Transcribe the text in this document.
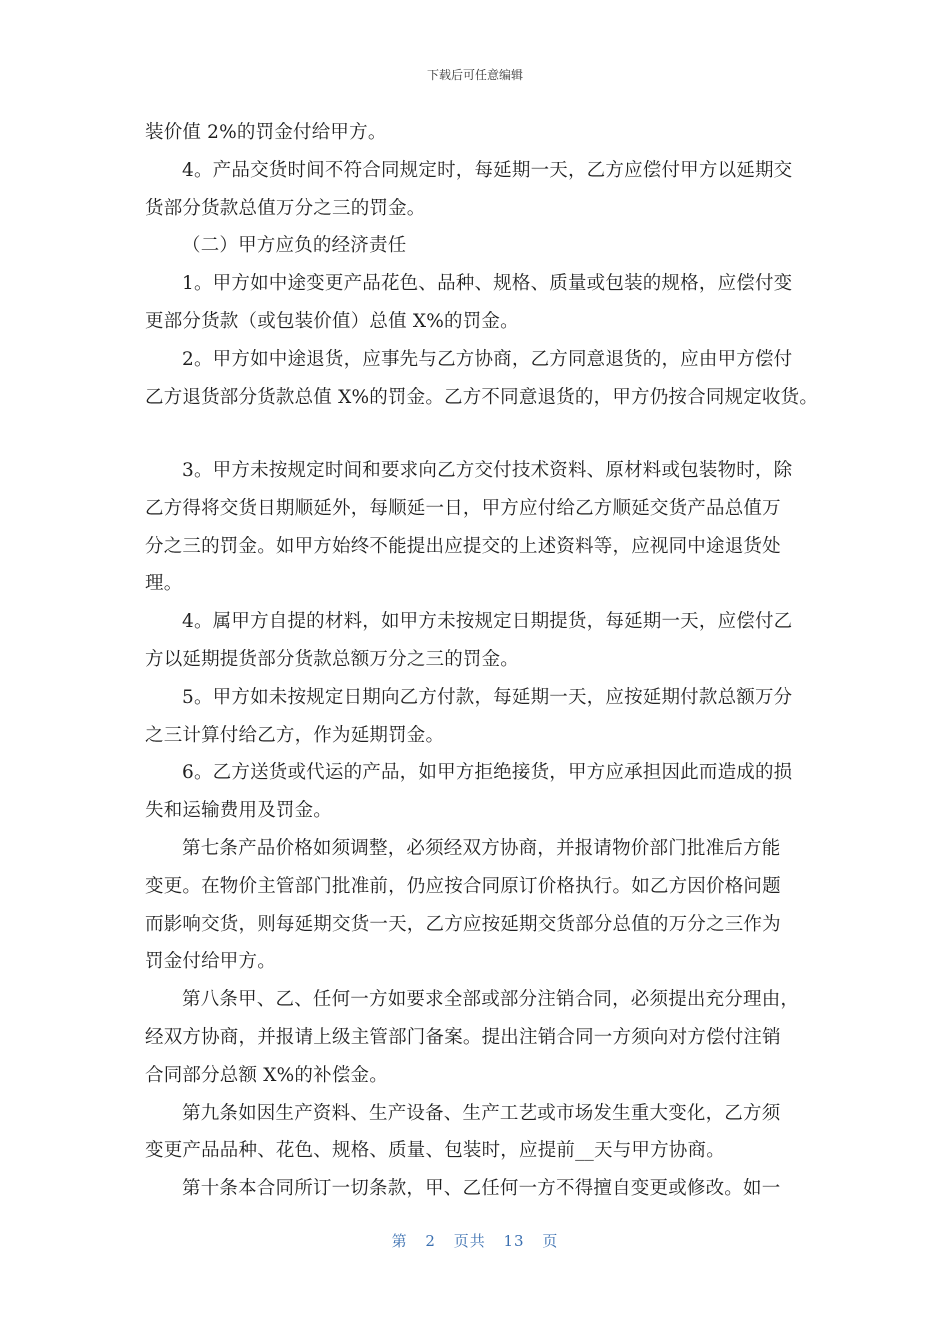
下载后可任意编辑
装价值 2%的罚金付给甲方。
4。产品交货时间不符合同规定时，每延期一天，乙方应偿付甲方以延期交
货部分货款总值万分之三的罚金。
（二）甲方应负的经济责任
1。甲方如中途变更产品花色、品种、规格、质量或包装的规格，应偿付变
更部分货款（或包装价值）总值 X%的罚金。
2。甲方如中途退货，应事先与乙方协商，乙方同意退货的，应由甲方偿付
乙方退货部分货款总值 X%的罚金。乙方不同意退货的，甲方仍按合同规定收货。
3。甲方未按规定时间和要求向乙方交付技术资料、原材料或包装物时，除
乙方得将交货日期顺延外，每顺延一日，甲方应付给乙方顺延交货产品总值万
分之三的罚金。如甲方始终不能提出应提交的上述资料等，应视同中途退货处
理。
4。属甲方自提的材料，如甲方未按规定日期提货，每延期一天，应偿付乙
方以延期提货部分货款总额万分之三的罚金。
5。甲方如未按规定日期向乙方付款，每延期一天，应按延期付款总额万分
之三计算付给乙方，作为延期罚金。
6。乙方送货或代运的产品，如甲方拒绝接货，甲方应承担因此而造成的损
失和运输费用及罚金。
第七条产品价格如须调整，必须经双方协商，并报请物价部门批准后方能
变更。在物价主管部门批准前，仍应按合同原订价格执行。如乙方因价格问题
而影响交货，则每延期交货一天，乙方应按延期交货部分总值的万分之三作为
罚金付给甲方。
第八条甲、乙、任何一方如要求全部或部分注销合同，必须提出充分理由，
经双方协商，并报请上级主管部门备案。提出注销合同一方须向对方偿付注销
合同部分总额 X%的补偿金。
第九条如因生产资料、生产设备、生产工艺或市场发生重大变化，乙方须
变更产品品种、花色、规格、质量、包装时，应提前__天与甲方协商。
第十条本合同所订一切条款，甲、乙任何一方不得擅自变更或修改。如一
第 2 页共 13 页
